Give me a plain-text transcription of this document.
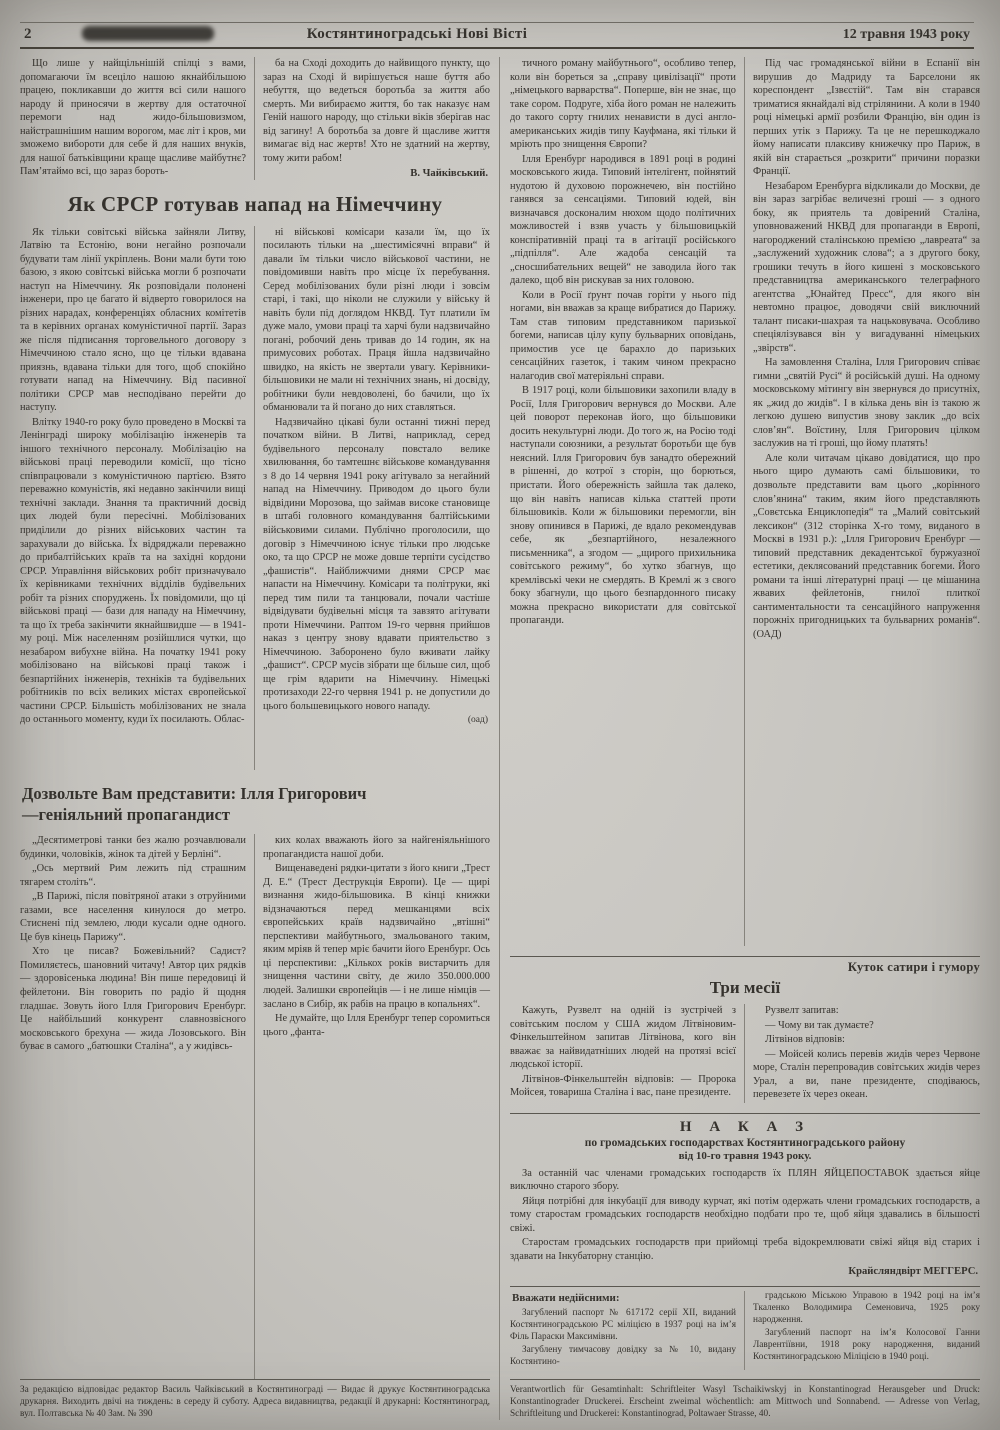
2	Костянтиноградські Нові Вісті	12 травня 1943 року

Що лише у найщільнішій спілці з вами, допомагаючи їм всеціло нашою якнайбільшою працею, покликавши до життя всі сили нашого народу й приносячи в жертву для остаточної перемоги над жидо-більшовизмом, найстрашнішим нашим ворогом, має літ і кров, ми зможемо вибороти для себе й для наших внуків, для нашої батьківщини краще щасливе майбутнє? Пам’ятаймо всі, що зараз бороть-

ба на Сході доходить до найвищого пункту, що зараз на Сході й вирішується наше буття або небуття, що ведеться боротьба за життя або смерть. Ми вибираємо життя, бо так наказує нам Геній нашого народу, що стільки віків зберігав нас від загину! А боротьба за довге й щасливе життя вимагає від нас жертв! Хто не здатний на жертву, тому жити рабом!

В. Чайківський.
Як СРСР готував напад на Німеччину

Як тільки совітські війська зайняли Литву, Латвію та Естонію, вони негайно розпочали будувати там лінії укріплень. Вони мали бути тою базою, з якою совітські війська могли б розпочати наступ на Німеччину. Як розповідали полонені інженери, про це багато й відверто говорилося на різних нарадах, конференціях обласних комітетів та в керівних органах комуністичної партії. Зараз же після підписання торговельного договору з Німеччиною стало ясно, що це тільки вдавана приязнь, вдавана тільки для того, щоб спокійно готувати напад на Німеччину. Від пасивної політики СРСР мав несподівано перейти до наступу.

Влітку 1940-го року було проведено в Москві та Ленінграді широку мобілізацію інженерів та іншого технічного персоналу. Мобілізацію на військові праці переводили комісії, що тісно співпрацювали з комуністичною партією. Взято переважно комуністів, які недавно закінчили вищі технічні заклади. Знання та практичний досвід цих людей були пересічні. Мобілізованих приділили до різних військових частин та зарахували до війська. Їх відряджали переважно до прибалтійських країв та на західні кордони СРСР. Управління військових робіт призначувало їх керівниками технічних відділів будівельних робіт та різних споруджень. Їх повідомили, що ці військові праці — бази для нападу на Німеччину, та що їх треба закінчити якнайшвидше — в 1941-му році. Між населенням розійшлися чутки, що незабаром вибухне війна. На початку 1941 року мобілізовано на військові праці також і безпартійних інженерів, техніків та будівельних робітників по всіх великих містах європейської частини СРСР. Більшість мобілізованих не знала до останнього моменту, куди їх посилають. Облас-

ні військові комісари казали їм, що їх посилають тільки на „шестимісячні вправи“ й давали їм тільки число військової частини, не повідомивши навіть про місце їх перебування. Серед мобілізованих були різні люди і зовсім старі, і такі, що ніколи не служили у війську й навіть були під доглядом НКВД. Тут платили їм дуже мало, умови праці та харчі були надзвичайно погані, робочий день тривав до 14 годин, як на примусових роботах. Праця йшла надзвичайно швидко, на якість не звертали увагу. Керівники-більшовики не мали ні технічних знань, ні досвіду, робітники були невдоволені, бо бачили, що їх обманювали та й погано до них ставляться.

Надзвичайно цікаві були останні тижні перед початком війни. В Литві, наприклад, серед будівельного персоналу повстало велике хвилювання, бо тамтешнє військове командування з 8 до 14 червня 1941 року агітувало за негайний напад на Німеччину. Приводом до цього були відвідини Морозова, що займав високе становище в штабі головного командування балтійськими військовими силами. Публічно проголосили, що договір з Німеччиною існує тільки про людське око, та що СРСР не може довше терпіти сусідство „фашистів“. Найближчими днями СРСР має напасти на Німеччину. Комісари та політруки, які перед тим пили та танцювали, почали частіше відвідувати будівельні місця та завзято агітувати проти Німеччини. Раптом 19-го червня прийшов наказ з центру знову вдавати приятельство з Німеччиною. Заборонено було вживати лайку „фашист“. СРСР мусів зібрати ще більше сил, щоб ще грім вдарити на Німеччину. Німецькі протизаходи 22-го червня 1941 р. не допустили до цього большевицького нового нападу.

(оад)
Дозвольте Вам представити: Ілля Григорович
—геніяльний пропагандист

„Десятиметрові танки без жалю розчавлювали будинки, чоловіків, жінок та дітей у Берліні“.

„Ось мертвий Рим лежить під страшним тягарем століть“.

„В Парижі, після повітряної атаки з отруйними газами, все населення кинулося до метро. Стиснені під землею, люди кусали одне одного. Це був кінець Парижу“.

Хто це писав? Божевільний? Садист? Помиляєтесь, шановний читачу! Автор цих рядків — здоровісенька людина! Він пише передовиці й фейлетони. Він говорить по радіо й щодня гладшає. Зовуть його Ілля Григорович Еренбург. Це найбільший конкурент славнозвісного московського брехуна — жида Лозовського. Він буває в самого „батюшки Сталіна“, а у жидівсь-

ких колах вважають його за найгеніяльнішого пропагандиста нашої доби.

Вищенаведені рядки-цитати з його книги „Трест Д. Е.“ (Трест Деструкція Европи). Це — щирі визнання жидо-більшовика. В кінці книжки відзначаються перед мешканцями всіх європейських країв надзвичайно „втішні“ перспективи майбутнього, змальованого таким, яким мріяв й тепер мріє бачити його Еренбург. Ось ці перспективи: „Кількох років вистарчить для знищення частини світу, де жило 350.000.000 людей. Залишки європейців — і не лише німців — заслано в Сибір, як рабів на працю в копальнях“.

Не думайте, що Ілля Еренбург тепер соромиться цього „фанта-

За редакцією відповідає редактор Василь Чайківський в Костянтинограді — Видає й друкує Костянтиноградська друкарня. Виходить двічі на тиждень: в середу й суботу. Адреса видавництва, редакції й друкарні: Костянтиноград, вул. Полтавська № 40 Зам. № 390

тичного роману майбутнього“, особливо тепер, коли він бореться за „справу цивілізації“ проти „німецького варварства“. Поперше, він не знає, що таке сором. Подруге, хіба його роман не належить до такого сорту гнилих ненависти в дусі англо-американських жидів типу Кауфмана, які тільки й мріють про знищення Європи?

Ілля Еренбург народився в 1891 році в родині московського жида. Типовий інтелігент, пойнятий нудотою й духовою порожнечею, він постійно ганявся за сенсаціями. Типовий юдей, він визначався досконалим нюхом щодо політичних можливостей і взяв участь у більшовицькій конспіративній праці та в агітації російського „підпілля“. Але жадоба сенсацій та „сносшибательних вещей“ не заводила його так далеко, щоб він рискував за них головою.

Коли в Росії ґрунт почав горіти у нього під ногами, він вважав за краще вибратися до Парижу. Там став типовим представником паризької богеми, написав цілу купу бульварних оповідань, примостив усе це барахло до паризьких сенсаційних газеток, і таким чином прекрасно налагодив свої матеріяльні справи.

В 1917 році, коли більшовики захопили владу в Росії, Ілля Григорович вернувся до Москви. Але цей поворот переконав його, що більшовики досить некультурні люди. До того ж, на Росію тоді наступали союзники, а результат боротьби ще був неясний. Ілля Григорович був занадто обережний в рішенні, до котрої з сторін, що борються, пристати. Його обережність зайшла так далеко, що він навіть написав кілька статтей проти більшовиків. Коли ж більшовики перемогли, він знову опинився в Парижі, де вдало рекомендував себе, як „безпартійного, незалежного письменника“, а згодом — „щирого прихильника совітського режиму“, бо хутко збагнув, що кремлівські чеки не смердять. В Кремлі ж з свого боку збагнули, що цього безпардонного писаку можна прекрасно використати для совітської пропаганди.

Під час громадянської війни в Еспанії він вирушив до Мадриду та Барселони як кореспондент „Ізвєстій“. Там він старався триматися якнайдалі від стрілянини. А коли в 1940 році німецькі армії розбили Францію, він один із перших утік з Парижу. Та це не перешкоджало йому написати плаксиву книжечку про Париж, в якій він старається „розкрити“ причини поразки Франції.

Незабаром Еренбурга відкликали до Москви, де він зараз загрібає величезні гроші — з одного боку, як приятель та довірений Сталіна, уповноважений НКВД для пропаганди в Европі, нагороджений сталінською премією „лавреата“ за „заслужений художник слова“; а з другого боку, грошики течуть в його кишені з московського представництва американського телеграфного агентства „Юнайтед Пресс“, для якого він невтомно працює, доводячи свій виключний талант писаки-шахрая та нацьковувача. Особливо спеціялізувався він у вигадуванні німецьких „звірств“.

На замовлення Сталіна, Ілля Григорович співає гимни „святій Русі“ й російській душі. На одному московському мітингу він звернувся до присутніх, як „жид до жидів“. І в кілька день він із такою ж легкою душею випустив знову заклик „до всіх слов’ян“. Воїстину, Ілля Григорович цілком заслужив на ті гроші, що йому платять!

Але коли читачам цікаво довідатися, що про нього щиро думають самі більшовики, то дозвольте представити вам цього „корінного слов’янина“ таким, яким його представляють „Совєтська Енциклопедія“ та „Малий совітський лексикон“ (312 сторінка X-го тому, виданого в Москві в 1931 р.): „Ілля Григорович Еренбург — типовий представник декадентської буржуазної естетики, деклясований представник богеми. Його романи та інші літературні праці — це мішанина жвавих фейлетонів, гнилої плиткої сантиментальности та сенсаційного напруження порожніх пригодницьких та бульварних романів“. (ОАД)

Куток сатири і гумору
Три месії

Кажуть, Рузвелт на одній із зустрічей з совітським послом у США жидом Літвіновим-Фінкельштейном запитав Літвінова, кого він вважає за найвидатніших людей на протязі всієї людської історії.

Літвінов-Фінкельштейн відповів: — Пророка Мойсея, товариша Сталіна і вас, пане президенте.

Рузвелт запитав:

— Чому ви так думаєте?

Літвінов відповів:

— Мойсей колись перевів жидів через Червоне море, Сталін перепровадив совітських жидів через Урал, а ви, пане президенте, сподіваюсь, перевезете їх через океан.

Н А К А З
по громадських господарствах Костянтиноградського району
від 10-го травня 1943 року.

За останній час членами громадських господарств їх ПЛЯН ЯЙЦЕПОСТАВОК здається яйце виключно старого збору.

Яйця потрібні для інкубації для виводу курчат, які потім одержать члени громадських господарств, а тому старостам громадських господарств необхідно подбати про те, щоб яйця здавались в більшості свіжі.

Старостам громадських господарств при прийомці треба відокремлювати свіжі яйця від старих і здавати на Інкубаторну станцію.

Крайсляндвірт МЕГГЕРС.
Вважати недійсними:

Загублений паспорт № 617172 серії XII, виданий Костянтиноградською РС міліцією в 1937 році на ім’я Філь Параски Максимівни.

Загублену тимчасову довідку за № 10, видану Костянтино-

градською Міською Управою в 1942 році на ім’я Ткаленко Володимира Семеновича, 1925 року народження.

Загублений паспорт на ім’я Колосової Ганни Лаврентіївни, 1918 року народження, виданий Костянтиноградською Міліцією в 1940 році.

Verantwortlich für Gesamtinhalt: Schriftleiter Wasyl Tschaikiwskyj in Konstantinograd Herausgeber und Druck: Konstantinograder Druckerei. Erscheint zweimal wöchentlich: am Mittwoch und Sonnabend. — Adresse von Verlag, Schriftleitung und Druckerei: Konstantinograd, Poltawaer Strasse, 40.
